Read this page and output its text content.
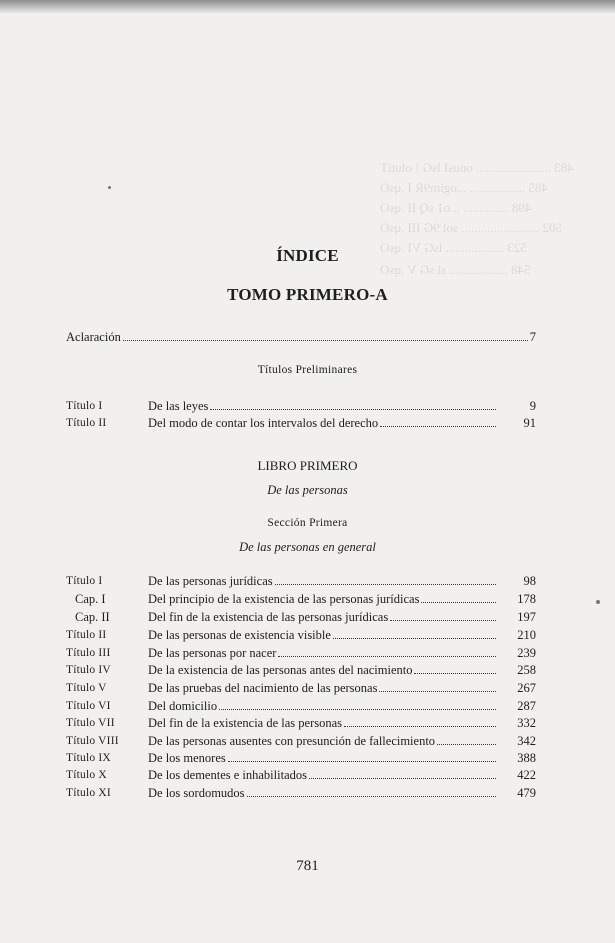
483 ....................... onusI lsG ! olutiT
485 ................. ...ogim9R I .qsO
498 .............. ...o1 sQ II .qsO
502 ........................ sol 9G III .qsO
523 .................. lsG VI .qsO
548 .................. sl sG V .qsO
ÍNDICE
TOMO PRIMERO-A
Aclaración	7
Títulos Preliminares
Título I	De las leyes	9
Título II	Del modo de contar los intervalos del derecho	91
LIBRO PRIMERO
De las personas
Sección Primera
De las personas en general
Título I	De las personas jurídicas	98
Cap. I	Del principio de la existencia de las personas jurídicas	178
Cap. II	Del fin de la existencia de las personas jurídicas	197
Título II	De las personas de existencia visible	210
Título III	De las personas por nacer	239
Título IV	De la existencia de las personas antes del nacimiento	258
Título V	De las pruebas del nacimiento de las personas	267
Título VI	Del domicilio	287
Título VII	Del fin de la existencia de las personas	332
Título VIII De las personas ausentes con presunción de fallecimiento	342
Título IX	De los menores	388
Título X	De los dementes e inhabilitados	422
Título XI	De los sordomudos	479
781
